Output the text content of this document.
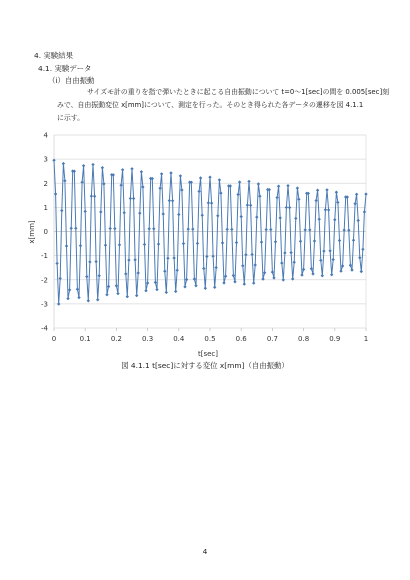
4. 実験結果
4.1. 実験データ
（ⅰ）自由振動
サイズモ計の重りを指で弾いたときに起こる自由振動について t=0～1[sec]の間を 0.005[sec]刻
みで、自由振動変位 x[mm]について、測定を行った。そのとき得られた各データの遷移を図 4.1.1
に示す。
-4
-3
-2
-1
0
1
2
3
4
0	0.1	0.2	0.3	0.4	0.5	0.6	0.7	0.8	0.9	1
x[mm]
t[sec]
図 4.1.1 t[sec]に対する変位 x[mm]（自由振動）
4
